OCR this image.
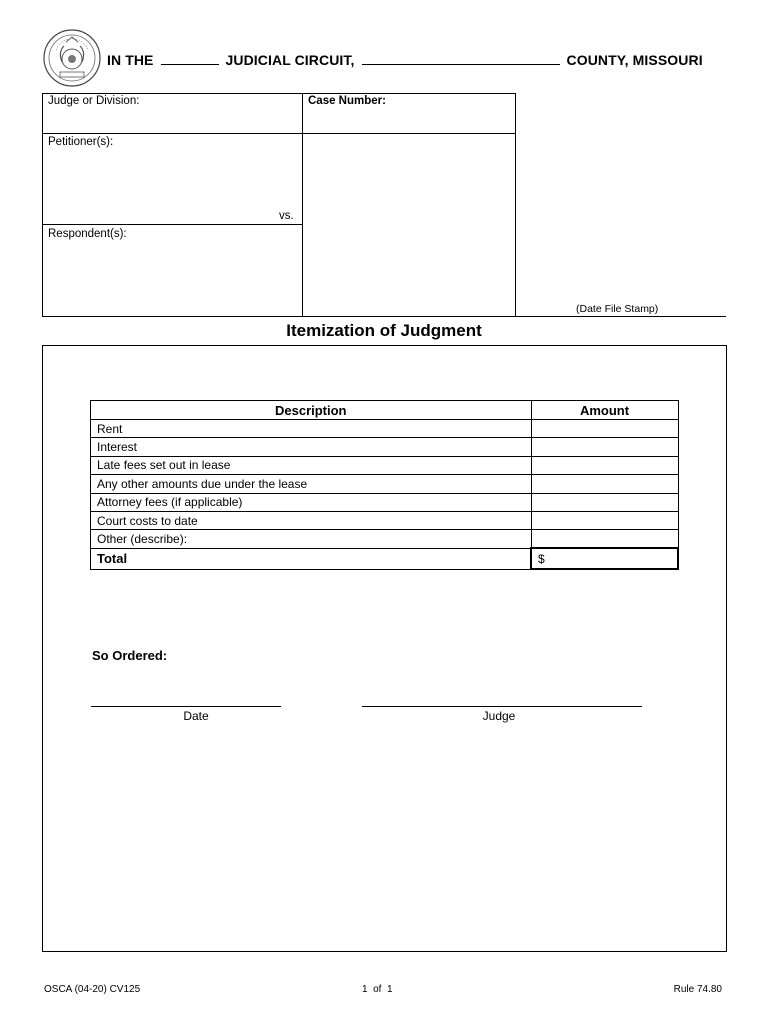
IN THE	JUDICIAL CIRCUIT,	COUNTY, MISSOURI
Judge or Division:	Case Number:
Petitioner(s):
vs.
Respondent(s):
(Date File Stamp)
Itemization of Judgment
Description	Amount
Rent	
Interest	
Late fees set out in lease	
Any other amounts due under the lease	
Attorney fees (if applicable)	
Court costs to date	
Other (describe):	
Total	$
So Ordered:
Date	Judge
OSCA (04-20) CV125	1  of  1	Rule 74.80
